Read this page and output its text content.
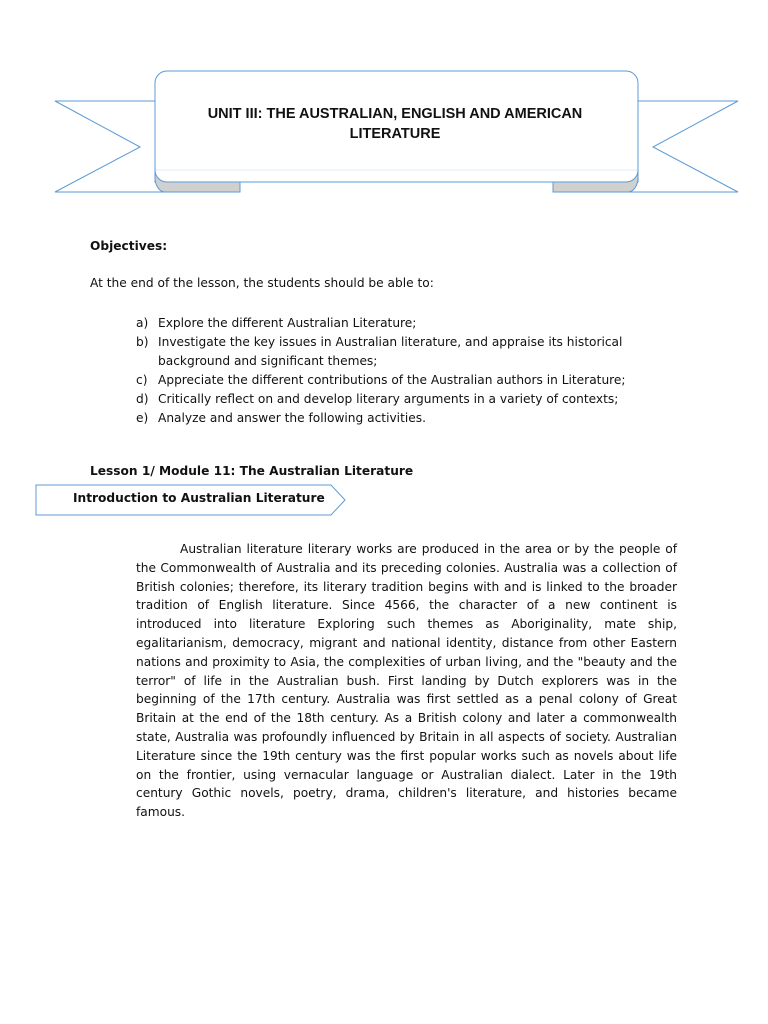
UNIT III: THE AUSTRALIAN, ENGLISH AND AMERICAN LITERATURE
Objectives:
At the end of the lesson, the students should be able to:
a) Explore the different Australian Literature;
b) Investigate the key issues in Australian literature, and appraise its historical background and significant themes;
c) Appreciate the different contributions of the Australian authors in Literature;
d) Critically reflect on and develop literary arguments in a variety of contexts;
e) Analyze and answer the following activities.
Lesson 1/ Module 11: The Australian Literature
Introduction to Australian Literature

Australian literature literary works are produced in the area or by the people of the Commonwealth of Australia and its preceding colonies. Australia was a collection of British colonies; therefore, its literary tradition begins with and is linked to the broader tradition of English literature. Since 4566, the character of a new continent is introduced into literature Exploring such themes as Aboriginality, mate ship, egalitarianism, democracy, migrant and national identity, distance from other Eastern nations and proximity to Asia, the complexities of urban living, and the "beauty and the terror" of life in the Australian bush. First landing by Dutch explorers was in the beginning of the 17th century. Australia was first settled as a penal colony of Great Britain at the end of the 18th century. As a British colony and later a commonwealth state, Australia was profoundly influenced by Britain in all aspects of society. Australian Literature since the 19th century was the first popular works such as novels about life on the frontier, using vernacular language or Australian dialect. Later in the 19th century Gothic novels, poetry, drama, children's literature, and histories became famous.
